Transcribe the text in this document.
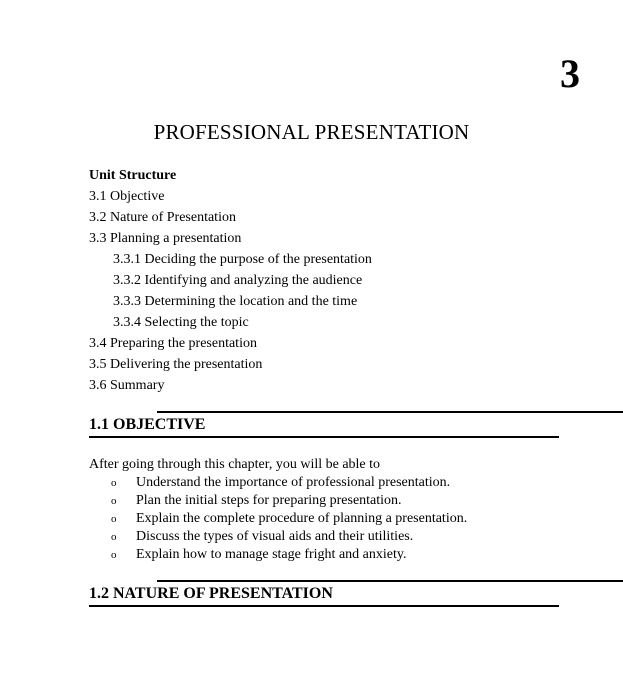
3
PROFESSIONAL PRESENTATION
Unit Structure
3.1 Objective
3.2 Nature of Presentation
3.3 Planning a presentation
3.3.1 Deciding the purpose of the presentation
3.3.2 Identifying and analyzing the audience
3.3.3 Determining the location and the time
3.3.4 Selecting the topic
3.4 Preparing the presentation
3.5 Delivering the presentation
3.6 Summary
1.1 OBJECTIVE
After going through this chapter, you will be able to
o	Understand the importance of professional presentation.
o	Plan the initial steps for preparing presentation.
o	Explain the complete procedure of planning a presentation.
o	Discuss the types of visual aids and their utilities.
o	Explain how to manage stage fright and anxiety.
1.2 NATURE OF PRESENTATION
